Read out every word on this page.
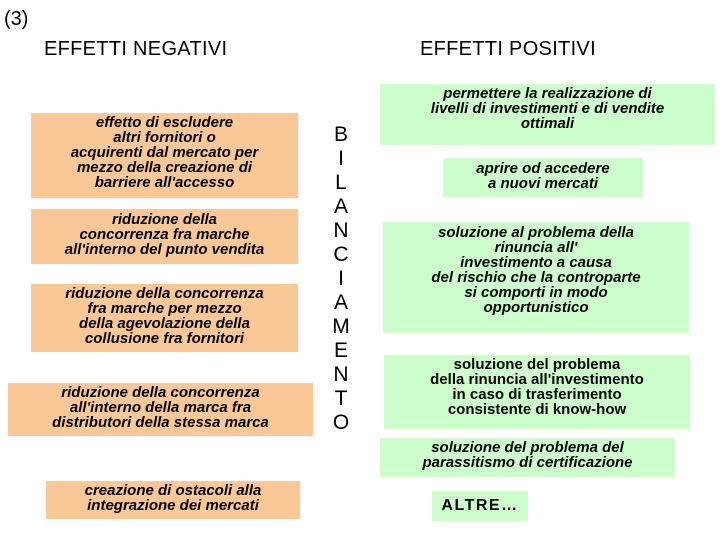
(3)
EFFETTI NEGATIVI	EFFETTI POSITIVI
effetto di escludere
altri fornitori o
acquirenti dal mercato per
mezzo della creazione di
barriere all'accesso
riduzione della
concorrenza fra marche
all'interno del punto vendita
riduzione della concorrenza
fra marche per mezzo
della agevolazione della
collusione fra fornitori
riduzione della concorrenza
all'interno della marca fra
distributori della stessa marca
creazione di ostacoli alla
integrazione dei mercati
B
I
L
A
N
C
I
A
M
E
N
T
O
permettere la realizzazione di
livelli di investimenti e di vendite
ottimali
aprire od accedere
a nuovi mercati
soluzione al problema della
rinuncia all'
investimento a causa
del rischio che la controparte
si comporti in modo
opportunistico
soluzione del problema
della rinuncia all'investimento
in caso di trasferimento
consistente di know-how
soluzione del problema del
parassitismo di certificazione
ALTRE…
